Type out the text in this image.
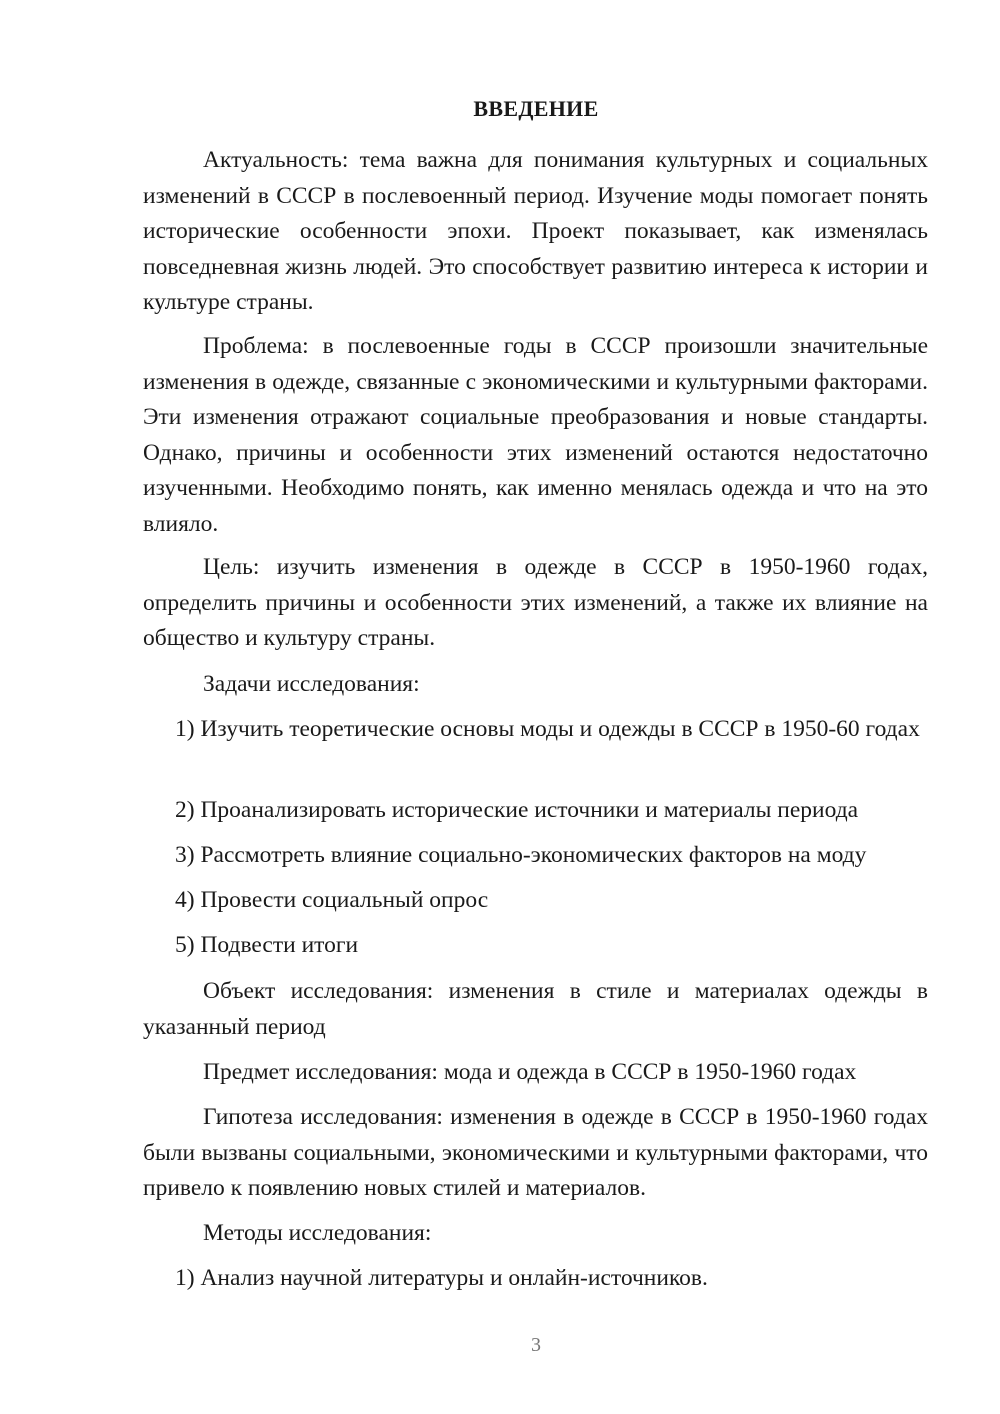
ВВЕДЕНИЕ

Актуальность: тема важна для понимания культурных и социальных изменений в СССР в послевоенный период. Изучение моды помогает понять исторические особенности эпохи. Проект показывает, как изменялась повседневная жизнь людей. Это способствует развитию интереса к истории и культуре страны.

Проблема: в послевоенные годы в СССР произошли значительные изменения в одежде, связанные с экономическими и культурными факторами. Эти изменения отражают социальные преобразования и новые стандарты. Однако, причины и особенности этих изменений остаются недостаточно изученными. Необходимо понять, как именно менялась одежда и что на это влияло.

Цель: изучить изменения в одежде в СССР в 1950-1960 годах, определить причины и особенности этих изменений, а также их влияние на общество и культуру страны.

Задачи исследования:

1) Изучить теоретические основы моды и одежды в СССР в 1950-60 годах

2) Проанализировать исторические источники и материалы периода

3) Рассмотреть влияние социально-экономических факторов на моду

4) Провести социальный опрос

5) Подвести итоги

Объект исследования: изменения в стиле и материалах одежды в указанный период

Предмет исследования: мода и одежда в СССР в 1950-1960 годах

Гипотеза исследования: изменения в одежде в СССР в 1950-1960 годах были вызваны социальными, экономическими и культурными факторами, что привело к появлению новых стилей и материалов.

Методы исследования:

1) Анализ научной литературы и онлайн-источников.

3
